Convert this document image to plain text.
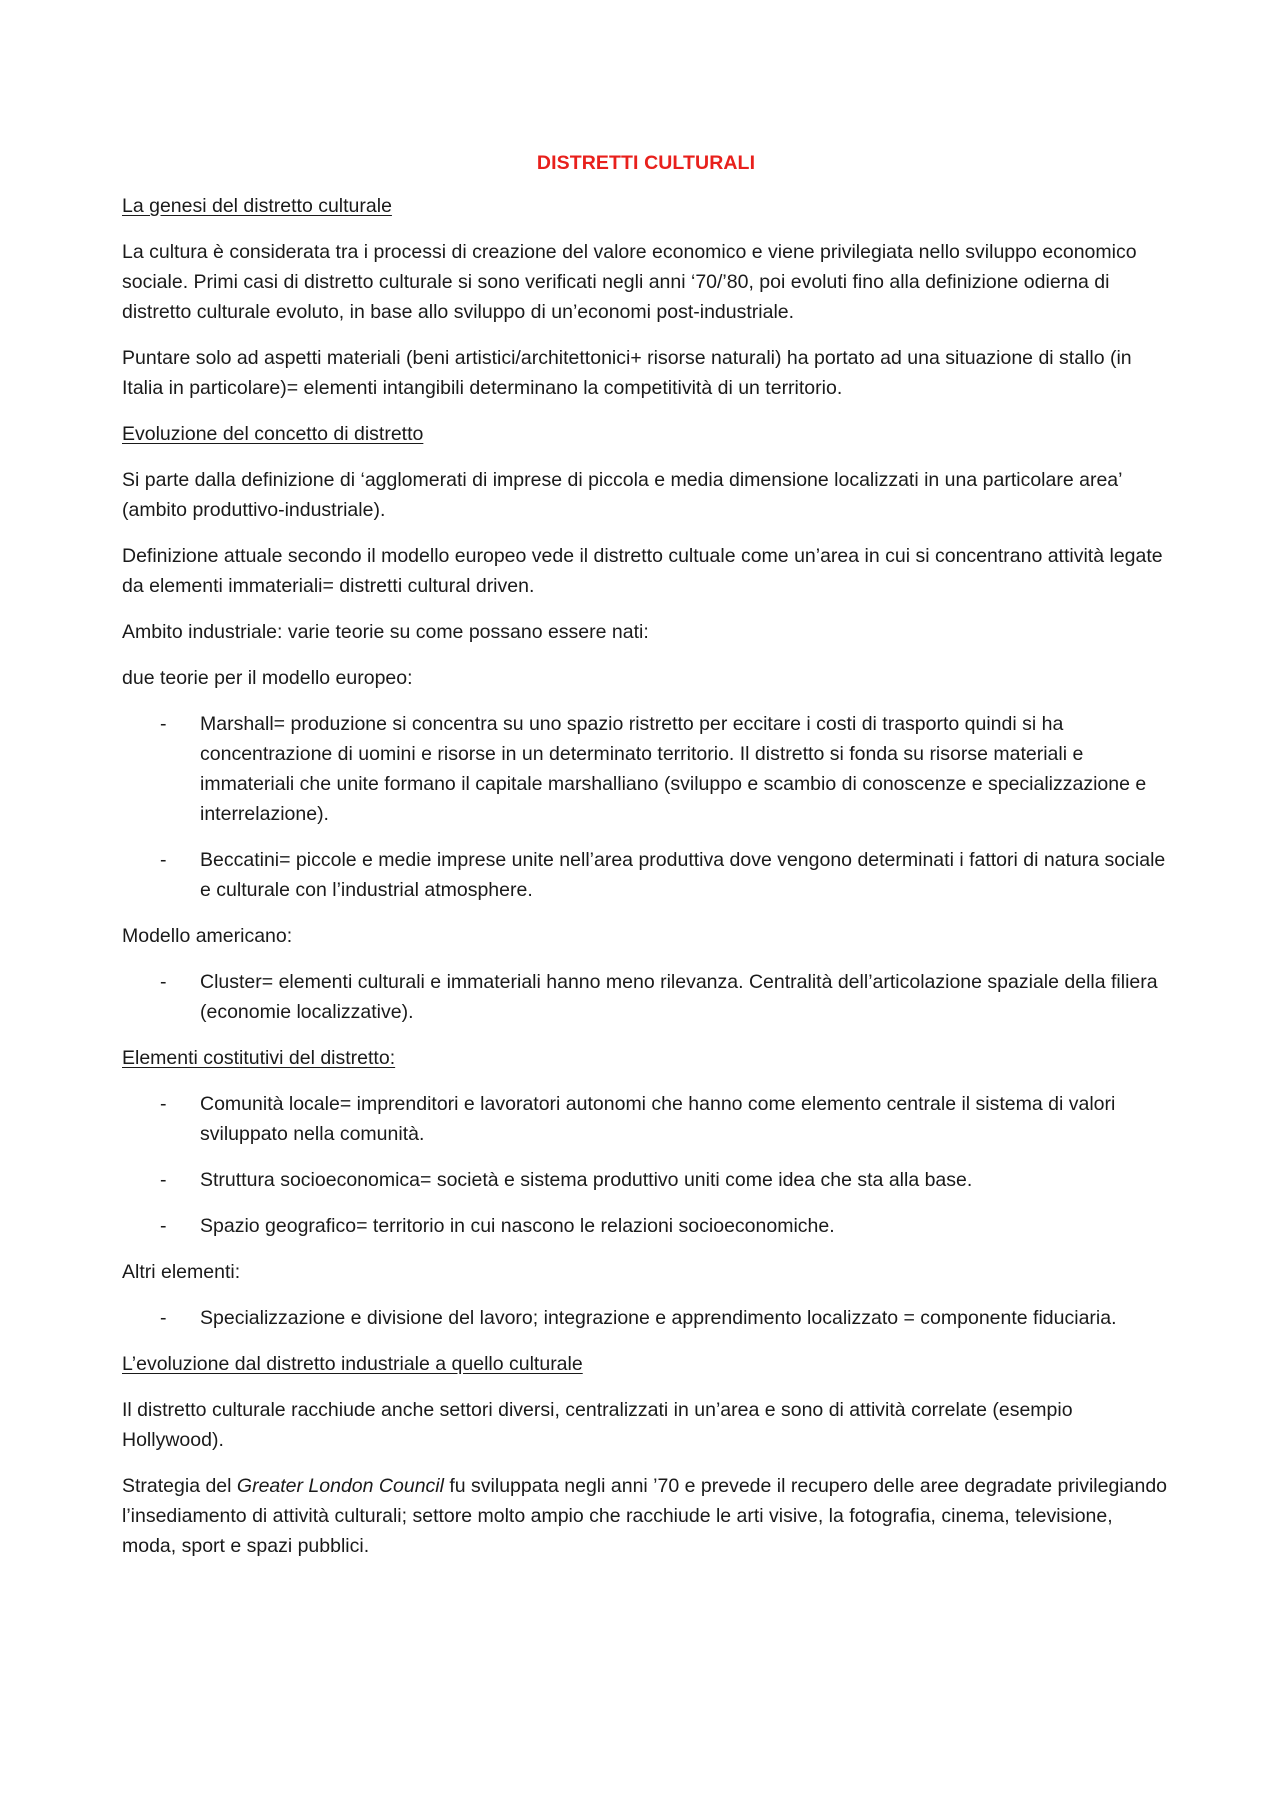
DISTRETTI CULTURALI
La genesi del distretto culturale

La cultura è considerata tra i processi di creazione del valore economico e viene privilegiata nello sviluppo economico sociale. Primi casi di distretto culturale si sono verificati negli anni ‘70/’80, poi evoluti fino alla definizione odierna di distretto culturale evoluto, in base allo sviluppo di un’economi post-industriale.

Puntare solo ad aspetti materiali (beni artistici/architettonici+ risorse naturali) ha portato ad una situazione di stallo (in Italia in particolare)= elementi intangibili determinano la competitività di un territorio.

Evoluzione del concetto di distretto

Si parte dalla definizione di ‘agglomerati di imprese di piccola e media dimensione localizzati in una particolare area’ (ambito produttivo-industriale).

Definizione attuale secondo il modello europeo vede il distretto cultuale come un’area in cui si concentrano attività legate da elementi immateriali= distretti cultural driven.

Ambito industriale: varie teorie su come possano essere nati:

due teorie per il modello europeo:

- Marshall= produzione si concentra su uno spazio ristretto per eccitare i costi di trasporto quindi si ha concentrazione di uomini e risorse in un determinato territorio. Il distretto si fonda su risorse materiali e immateriali che unite formano il capitale marshalliano (sviluppo e scambio di conoscenze e specializzazione e interrelazione).
- Beccatini= piccole e medie imprese unite nell’area produttiva dove vengono determinati i fattori di natura sociale e culturale con l’industrial atmosphere.

Modello americano:

- Cluster= elementi culturali e immateriali hanno meno rilevanza. Centralità dell’articolazione spaziale della filiera (economie localizzative).
Elementi costitutivi del distretto:
- Comunità locale= imprenditori e lavoratori autonomi che hanno come elemento centrale il sistema di valori sviluppato nella comunità.
- Struttura socioeconomica= società e sistema produttivo uniti come idea che sta alla base.
- Spazio geografico= territorio in cui nascono le relazioni socioeconomiche.

Altri elementi:

- Specializzazione e divisione del lavoro; integrazione e apprendimento localizzato = componente fiduciaria.
L’evoluzione dal distretto industriale a quello culturale

Il distretto culturale racchiude anche settori diversi, centralizzati in un’area e sono di attività correlate (esempio Hollywood).

Strategia del Greater London Council fu sviluppata negli anni ’70 e prevede il recupero delle aree degradate privilegiando l’insediamento di attività culturali; settore molto ampio che racchiude le arti visive, la fotografia, cinema, televisione, moda, sport e spazi pubblici.
